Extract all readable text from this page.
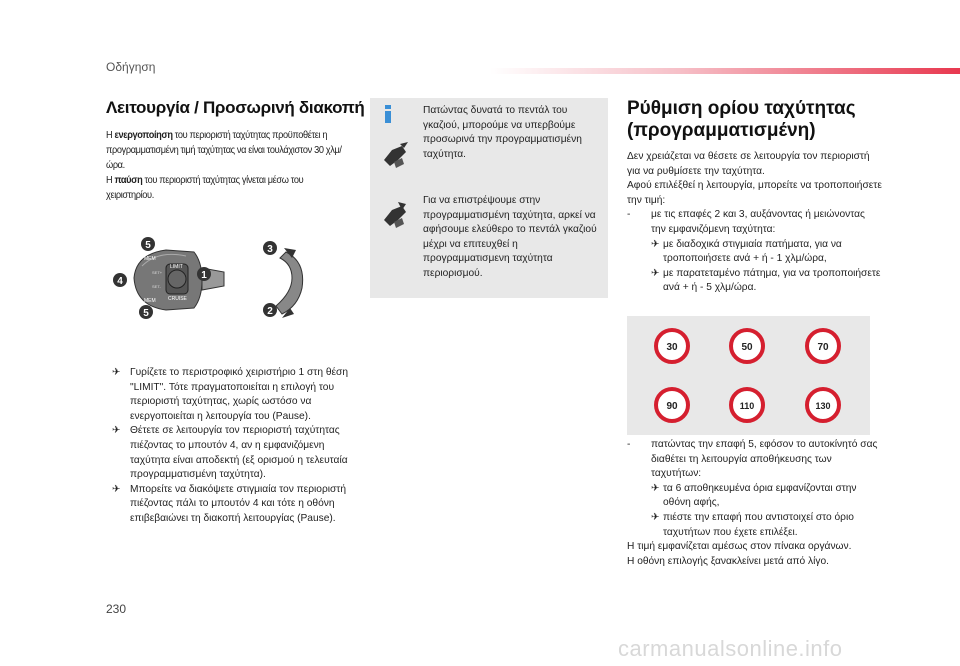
Οδήγηση
Λειτουργία / Προσωρινή διακοπή
Η ενεργοποίηση του περιοριστή ταχύτητας προϋποθέτει η προγραμματισμένη τιμή ταχύτητας να είναι τουλάχιστον 30 χλμ/ώρα.
Η παύση του περιοριστή ταχύτητας γίνεται μέσω του χειριστηρίου.
MEM
MEM
LIMIT
CRUISE
SET+
SET-
5
4
5
1
3
2
✈ Γυρίζετε το περιστροφικό χειριστήριο 1 στη θέση "LIMIT". Τότε πραγματοποιείται η επιλογή του περιοριστή ταχύτητας, χωρίς ωστόσο να ενεργοποιείται η λειτουργία του (Pause).
✈ Θέτετε σε λειτουργία τον περιοριστή ταχύτητας πιέζοντας το μπουτόν 4, αν η εμφανιζόμενη ταχύτητα είναι αποδεκτή (εξ ορισμού η τελευταία προγραμματισμένη ταχύτητα).
✈ Μπορείτε να διακόψετε στιγμιαία τον περιοριστή πιέζοντας πάλι το μπουτόν 4 και τότε η οθόνη επιβεβαιώνει τη διακοπή λειτουργίας (Pause).
Πατώντας δυνατά το πεντάλ του γκαζιού, μπορούμε να υπερβούμε προσωρινά την προγραμματισμένη ταχύτητα.
Για να επιστρέψουμε στην προγραμματισμένη ταχύτητα, αρκεί να αφήσουμε ελεύθερο το πεντάλ γκαζιού μέχρι να επιτευχθεί η προγραμματισμενη ταχύτητα περιορισμού.
Ρύθμιση ορίου ταχύτητας
(προγραμματισμένη)
Δεν χρειάζεται να θέσετε σε λειτουργία τον περιοριστή για να ρυθμίσετε την ταχύτητα.
Αφού επιλέξθεί η λειτουργία, μπορείτε να τροποποιήσετε την τιμή:
- με τις επαφές 2 και 3, αυξάνοντας ή μειώνοντας την εμφανιζόμενη ταχύτητα:
✈ με διαδοχικά στιγμιαία πατήματα, για να τροποποιήσετε ανά + ή - 1 χλμ/ώρα,
✈ με παρατεταμένο πάτημα, για να τροποποιήσετε ανά + ή - 5 χλμ/ώρα.
30	50	70
90	110	130
- πατώντας την επαφή 5, εφόσον το αυτοκίνητό σας διαθέτει τη λειτουργία αποθήκευσης των ταχυτήτων:
✈ τα 6 αποθηκευμένα όρια εμφανίζονται στην οθόνη αφής,
✈ πιέστε την επαφή που αντιστοιχεί στο όριο ταχυτήτων που έχετε επιλέξει.
Η τιμή εμφανίζεται αμέσως στον πίνακα οργάνων.
Η οθόνη επιλογής ξανακλείνει μετά από λίγο.
230
carmanualsonline.info
